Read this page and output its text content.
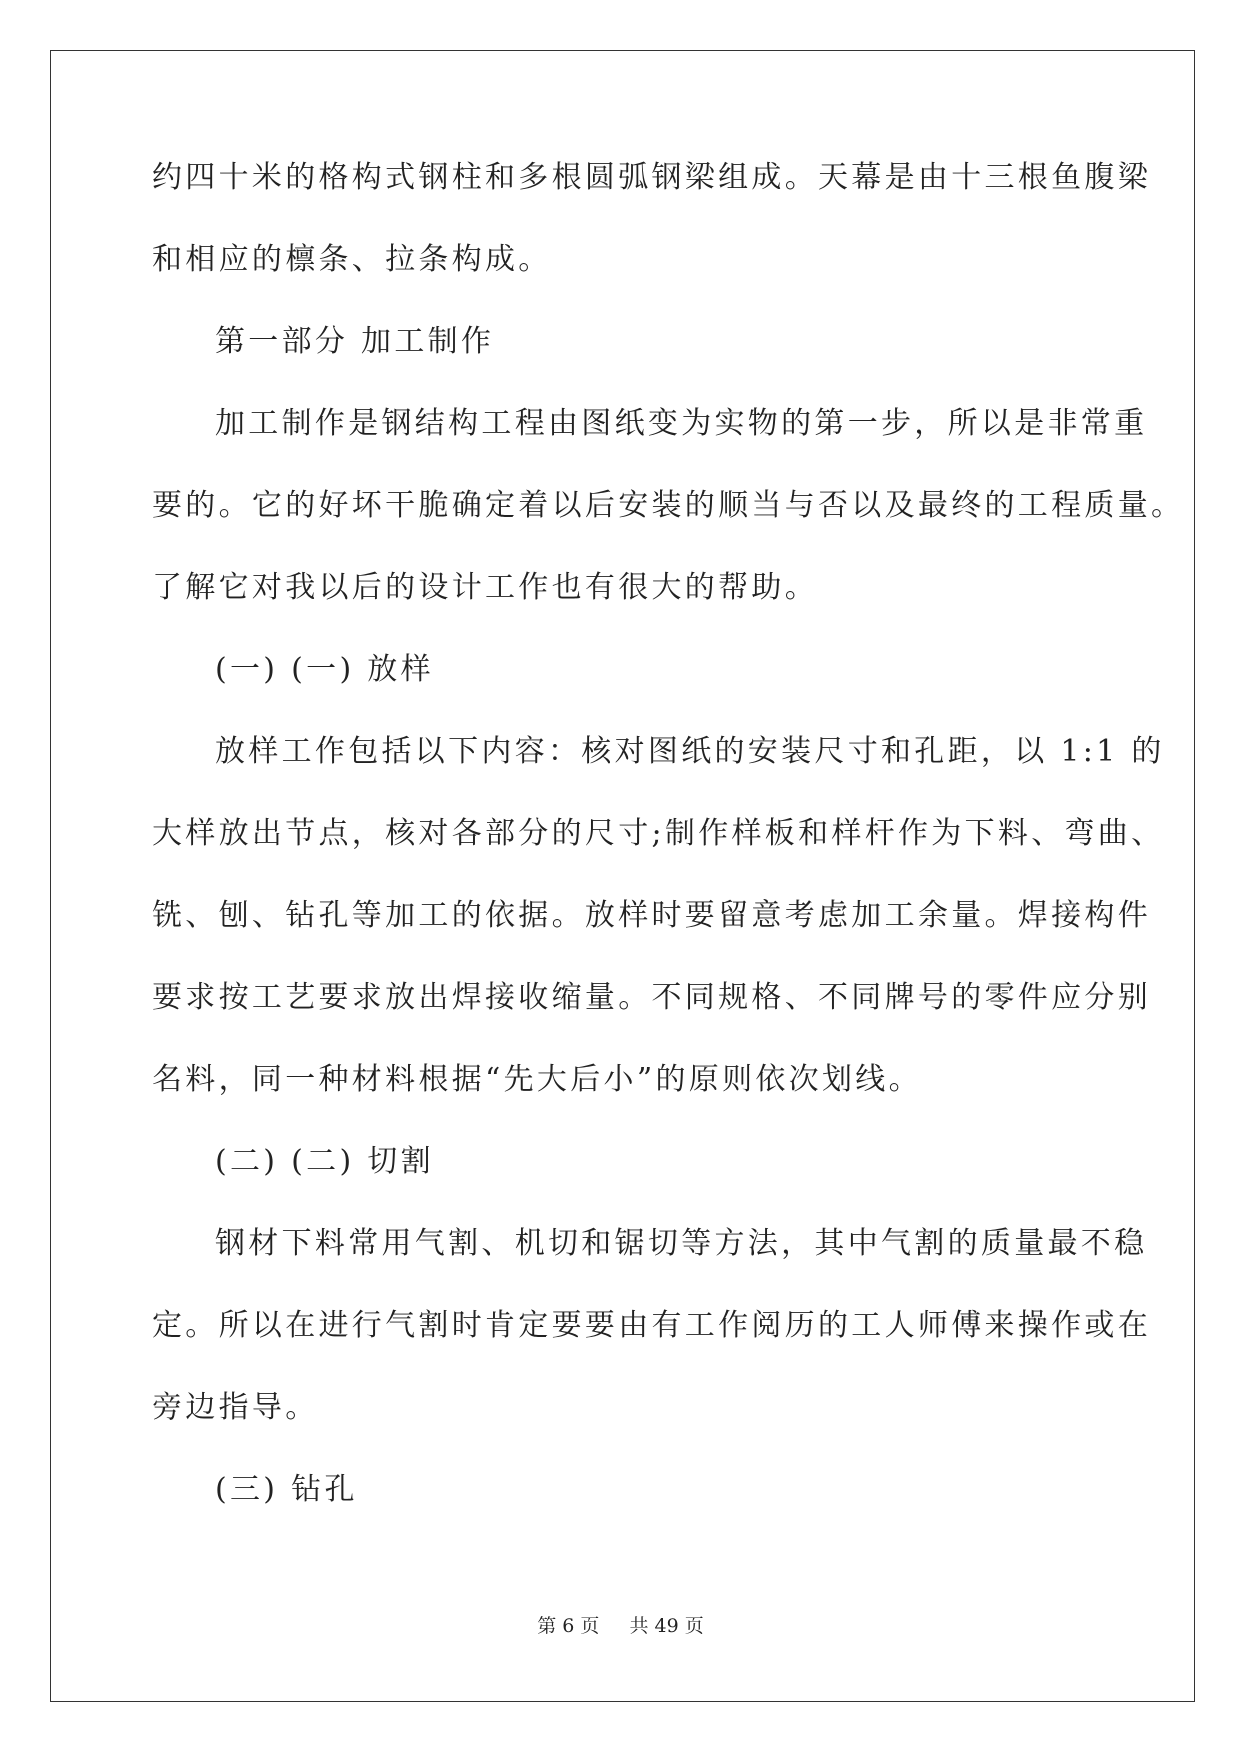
约四十米的格构式钢柱和多根圆弧钢梁组成。天幕是由十三根鱼腹梁
和相应的檩条、拉条构成。
第一部分 加工制作
加工制作是钢结构工程由图纸变为实物的第一步，所以是非常重
要的。它的好坏干脆确定着以后安装的顺当与否以及最终的工程质量。
了解它对我以后的设计工作也有很大的帮助。
(一) (一) 放样
放样工作包括以下内容：核对图纸的安装尺寸和孔距，以 1:1 的
大样放出节点，核对各部分的尺寸;制作样板和样杆作为下料、弯曲、
铣、刨、钻孔等加工的依据。放样时要留意考虑加工余量。焊接构件
要求按工艺要求放出焊接收缩量。不同规格、不同牌号的零件应分别
名料，同一种材料根据“先大后小”的原则依次划线。
(二) (二) 切割
钢材下料常用气割、机切和锯切等方法，其中气割的质量最不稳
定。所以在进行气割时肯定要要由有工作阅历的工人师傅来操作或在
旁边指导。
(三) 钻孔
第 6 页 共 49 页
